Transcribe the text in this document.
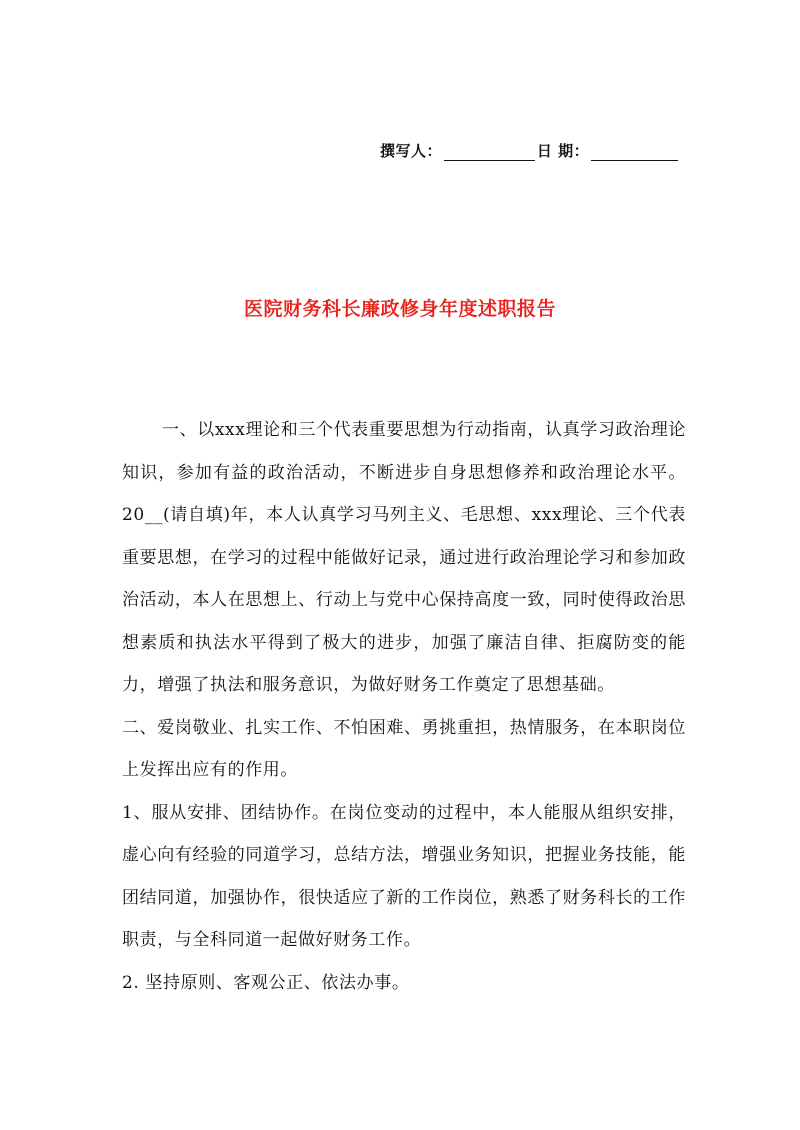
撰写人：	日 期：
医院财务科长廉政修身年度述职报告

一、以xxx理论和三个代表重要思想为行动指南，认真学习政治理论知识，参加有益的政治活动，不断进步自身思想修养和政治理论水平。 20__(请自填)年，本人认真学习马列主义、毛思想、xxx理论、三个代表重要思想，在学习的过程中能做好记录，通过进行政治理论学习和参加政治活动，本人在思想上、行动上与党中心保持高度一致，同时使得政治思想素质和执法水平得到了极大的进步，加强了廉洁自律、拒腐防变的能力，增强了执法和服务意识，为做好财务工作奠定了思想基础。

二、爱岗敬业、扎实工作、不怕困难、勇挑重担，热情服务，在本职岗位上发挥出应有的作用。

1、服从安排、团结协作。在岗位变动的过程中，本人能服从组织安排，虚心向有经验的同道学习，总结方法，增强业务知识，把握业务技能，能团结同道，加强协作，很快适应了新的工作岗位，熟悉了财务科长的工作职责，与全科同道一起做好财务工作。

2. 坚持原则、客观公正、依法办事。
